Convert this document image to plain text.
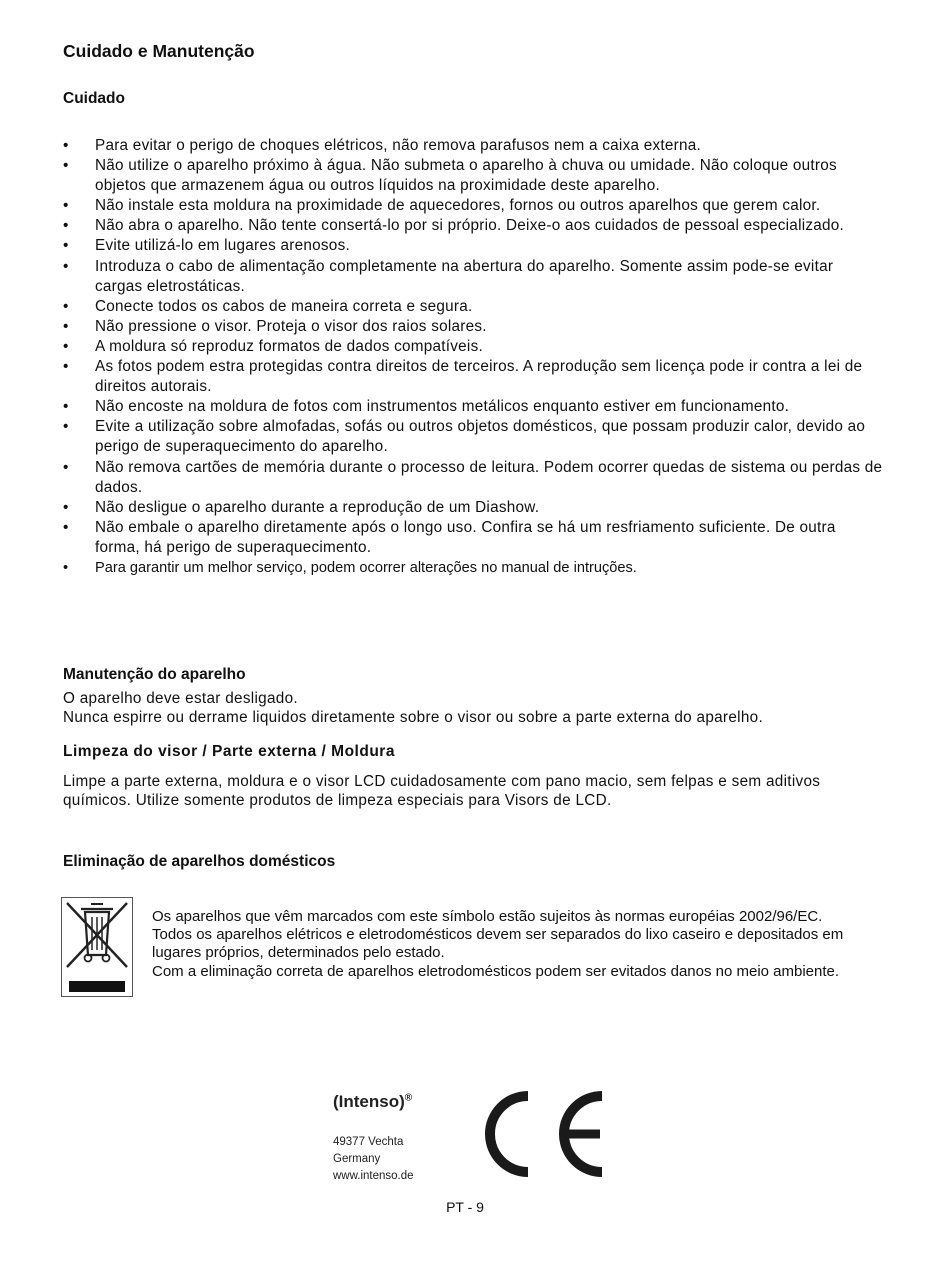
Cuidado e Manutenção
Cuidado
• Para evitar o perigo de choques elétricos, não remova parafusos nem a caixa externa.
• Não utilize o aparelho próximo à água. Não submeta o aparelho à chuva ou umidade. Não coloque outros objetos que armazenem água ou outros líquidos na proximidade deste aparelho.
• Não instale esta moldura na proximidade de aquecedores, fornos ou outros aparelhos que gerem calor.
• Não abra o aparelho. Não tente consertá-lo por si próprio. Deixe-o aos cuidados de pessoal especializado.
• Evite utilizá-lo em lugares arenosos.
• Introduza o cabo de alimentação completamente na abertura do aparelho. Somente assim pode-se evitar cargas eletrostáticas.
• Conecte todos os cabos de maneira correta e segura.
• Não pressione o visor. Proteja o visor dos raios solares.
• A moldura só reproduz formatos de dados compatíveis.
• As fotos podem estra protegidas contra direitos de terceiros. A reprodução sem licença pode ir contra a lei de direitos autorais.
• Não encoste na moldura de fotos com instrumentos metálicos enquanto estiver em funcionamento.
• Evite a utilização sobre almofadas, sofás ou outros objetos domésticos, que possam produzir calor, devido ao perigo de superaquecimento do aparelho.
• Não remova cartões de memória durante o processo de leitura. Podem ocorrer quedas de sistema ou perdas de dados.
• Não desligue o aparelho durante a reprodução de um Diashow.
• Não embale o aparelho diretamente após o longo uso. Confira se há um resfriamento suficiente. De outra forma, há perigo de superaquecimento.
• Para garantir um melhor serviço, podem ocorrer alterações no manual de intruções.
Manutenção do aparelho

O aparelho deve estar desligado.

Nunca espirre ou derrame liquidos diretamente sobre o visor ou sobre a parte externa do aparelho.

Limpeza do visor / Parte externa / Moldura

Limpe a parte externa, moldura e o visor LCD cuidadosamente com pano macio, sem felpas e sem aditivos químicos. Utilize somente produtos de limpeza especiais para Visors de LCD.

Eliminação de aparelhos domésticos
Os aparelhos que vêm marcados com este símbolo estão sujeitos às normas européias 2002/96/EC.
Todos os aparelhos elétricos e eletrodomésticos devem ser separados do lixo caseiro e depositados em lugares próprios, determinados pelo estado.
Com a eliminação correta de aparelhos eletrodomésticos podem ser evitados danos no meio ambiente.
(Intenso)®
49377 Vechta
Germany
www.intenso.de
PT - 9
